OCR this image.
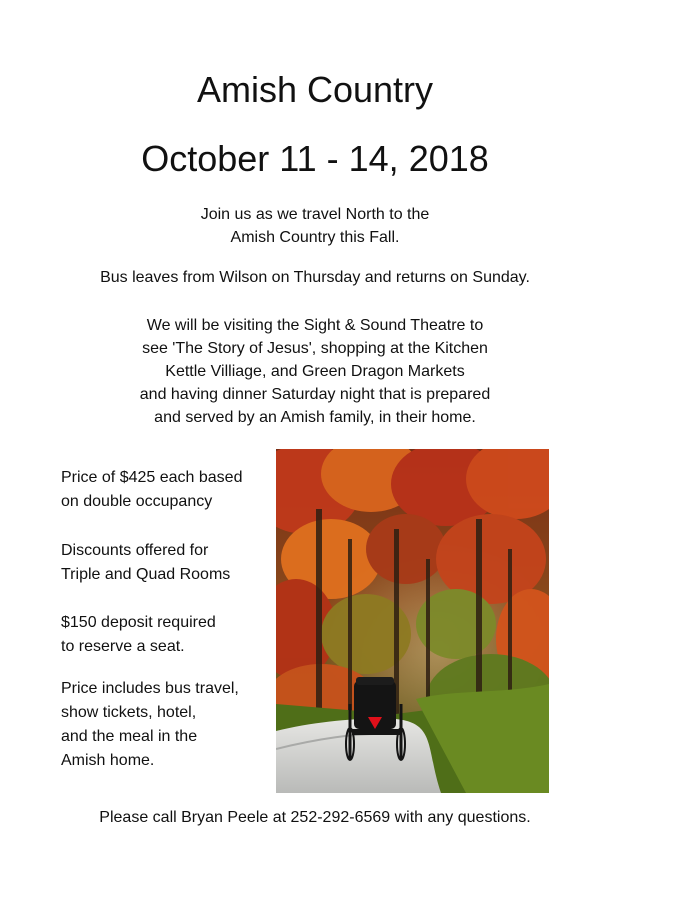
Amish Country
October 11 - 14, 2018
Join us as we travel North to the
Amish Country this Fall.
Bus leaves from Wilson on Thursday and returns on Sunday.
We will be visiting the Sight & Sound Theatre to
see 'The Story of Jesus', shopping at the Kitchen
Kettle Villiage, and Green Dragon Markets
and having dinner Saturday night that is prepared
and served by an Amish family, in their home.
Price of $425 each based
on double occupancy
Discounts offered for
Triple and Quad Rooms
$150 deposit required
to reserve a seat.
Price includes bus travel,
show tickets, hotel,
and the meal in the
Amish home.
Please call Bryan Peele at 252-292-6569 with any questions.
